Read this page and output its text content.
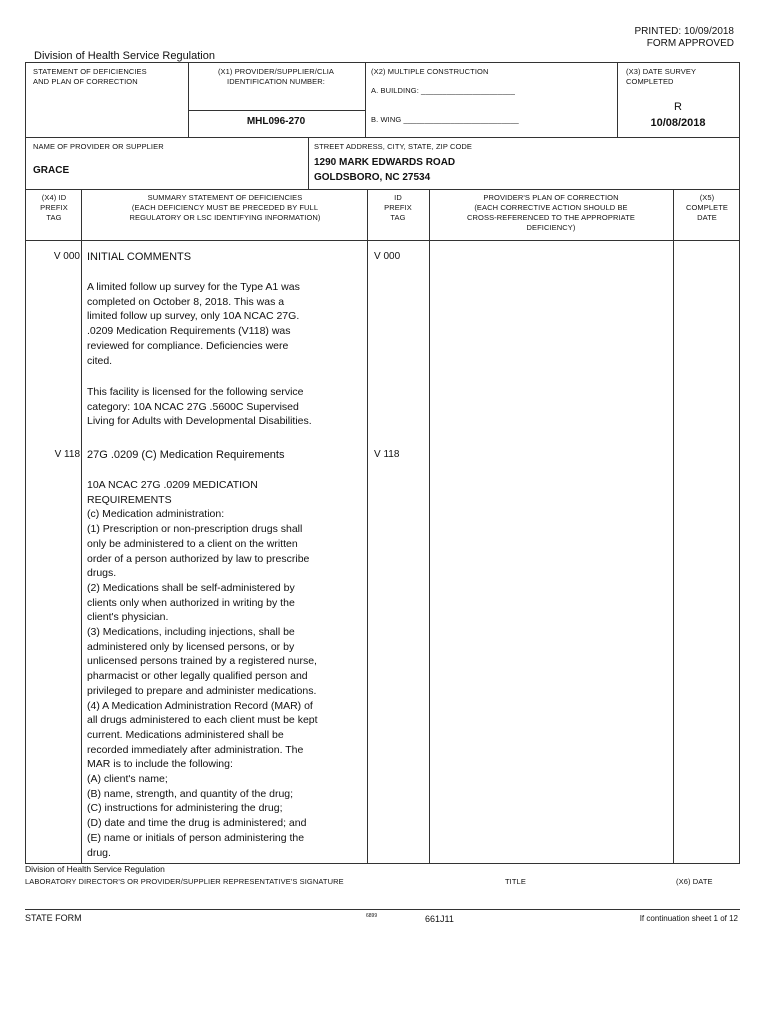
PRINTED: 10/09/2018
FORM APPROVED
Division of Health Service Regulation
STATEMENT OF DEFICIENCIES
AND PLAN OF CORRECTION
(X1) PROVIDER/SUPPLIER/CLIA
IDENTIFICATION NUMBER:
MHL096-270
(X2) MULTIPLE CONSTRUCTION
A. BUILDING: ______________________
B. WING ___________________________
(X3) DATE SURVEY
COMPLETED
R
10/08/2018
NAME OF PROVIDER OR SUPPLIER
GRACE
STREET ADDRESS, CITY, STATE, ZIP CODE
1290 MARK EDWARDS ROAD
GOLDSBORO, NC 27534
(X4) ID
PREFIX
TAG
SUMMARY STATEMENT OF DEFICIENCIES
(EACH DEFICIENCY MUST BE PRECEDED BY FULL
REGULATORY OR LSC IDENTIFYING INFORMATION)
ID
PREFIX
TAG
PROVIDER'S PLAN OF CORRECTION
(EACH CORRECTIVE ACTION SHOULD BE
CROSS-REFERENCED TO THE APPROPRIATE
DEFICIENCY)
(X5)
COMPLETE
DATE
V 000	V 000
INITIAL COMMENTS
A limited follow up survey for the Type A1 was
completed on October 8, 2018. This was a
limited follow up survey, only 10A NCAC 27G.
.0209 Medication Requirements (V118) was
reviewed for compliance. Deficiencies were
cited.
This facility is licensed for the following service
category: 10A NCAC 27G .5600C Supervised
Living for Adults with Developmental Disabilities.
V 118	V 118
27G .0209 (C) Medication Requirements
10A NCAC 27G .0209 MEDICATION
REQUIREMENTS
(c) Medication administration:
(1) Prescription or non-prescription drugs shall
only be administered to a client on the written
order of a person authorized by law to prescribe
drugs.
(2) Medications shall be self-administered by
clients only when authorized in writing by the
client's physician.
(3) Medications, including injections, shall be
administered only by licensed persons, or by
unlicensed persons trained by a registered nurse,
pharmacist or other legally qualified person and
privileged to prepare and administer medications.
(4) A Medication Administration Record (MAR) of
all drugs administered to each client must be kept
current. Medications administered shall be
recorded immediately after administration. The
MAR is to include the following:
(A) client's name;
(B) name, strength, and quantity of the drug;
(C) instructions for administering the drug;
(D) date and time the drug is administered; and
(E) name or initials of person administering the
drug.
Division of Health Service Regulation
LABORATORY DIRECTOR'S OR PROVIDER/SUPPLIER REPRESENTATIVE'S SIGNATURE	TITLE	(X6) DATE
STATE FORM	6899	661J11	If continuation sheet 1 of 12
